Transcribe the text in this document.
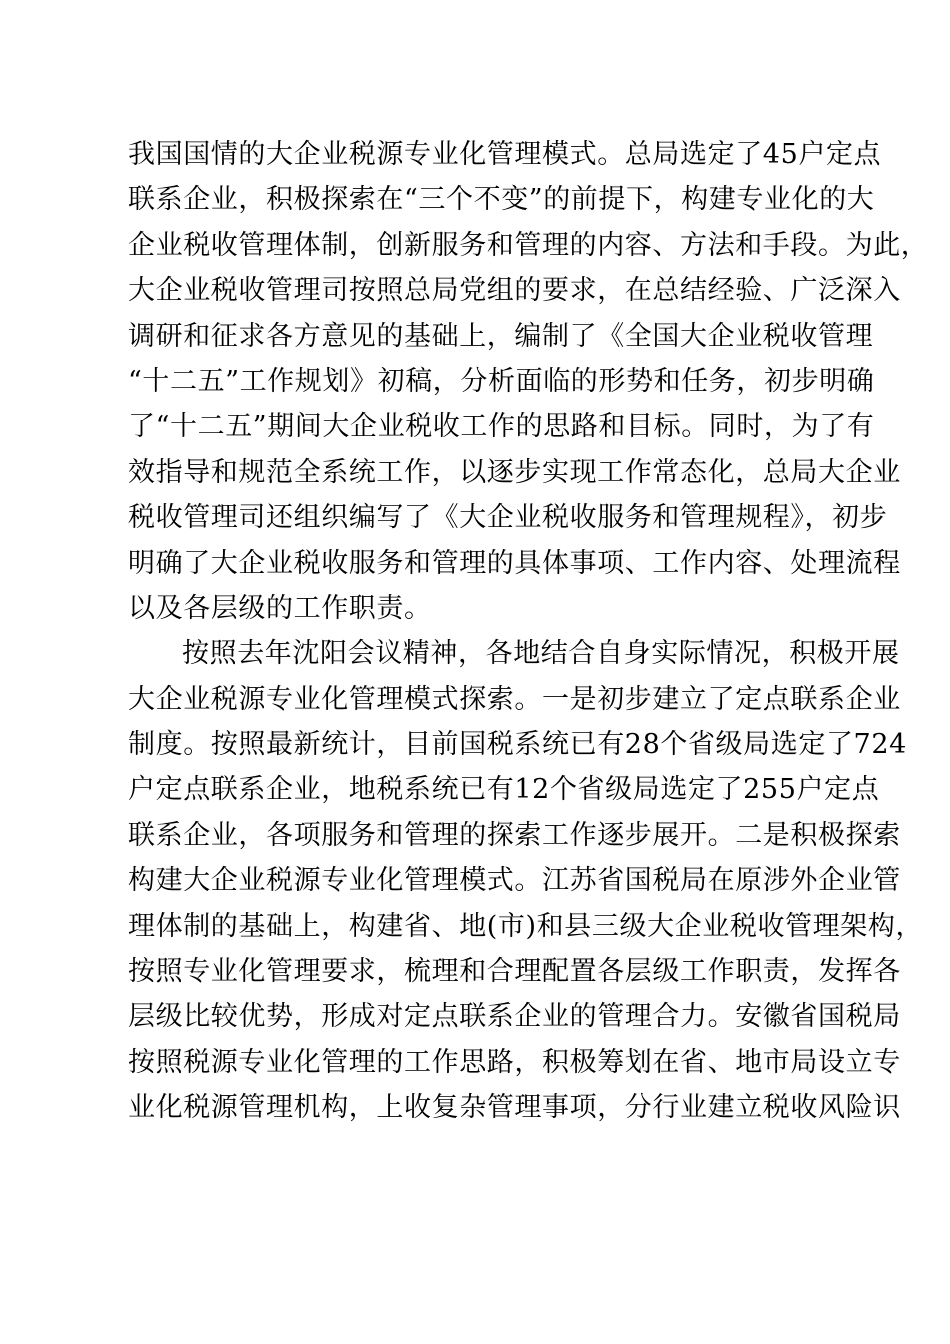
我国国情的大企业税源专业化管理模式。总局选定了45户定点
联系企业，积极探索在“三个不变”的前提下，构建专业化的大
企业税收管理体制，创新服务和管理的内容、方法和手段。为此，
大企业税收管理司按照总局党组的要求，在总结经验、广泛深入
调研和征求各方意见的基础上，编制了《全国大企业税收管理
“十二五”工作规划》初稿，分析面临的形势和任务，初步明确
了“十二五”期间大企业税收工作的思路和目标。同时，为了有
效指导和规范全系统工作，以逐步实现工作常态化，总局大企业
税收管理司还组织编写了《大企业税收服务和管理规程》，初步
明确了大企业税收服务和管理的具体事项、工作内容、处理流程
以及各层级的工作职责。
按照去年沈阳会议精神，各地结合自身实际情况，积极开展
大企业税源专业化管理模式探索。一是初步建立了定点联系企业
制度。按照最新统计，目前国税系统已有28个省级局选定了724
户定点联系企业，地税系统已有12个省级局选定了255户定点
联系企业，各项服务和管理的探索工作逐步展开。二是积极探索
构建大企业税源专业化管理模式。江苏省国税局在原涉外企业管
理体制的基础上，构建省、地(市)和县三级大企业税收管理架构，
按照专业化管理要求，梳理和合理配置各层级工作职责，发挥各
层级比较优势，形成对定点联系企业的管理合力。安徽省国税局
按照税源专业化管理的工作思路，积极筹划在省、地市局设立专
业化税源管理机构，上收复杂管理事项，分行业建立税收风险识
